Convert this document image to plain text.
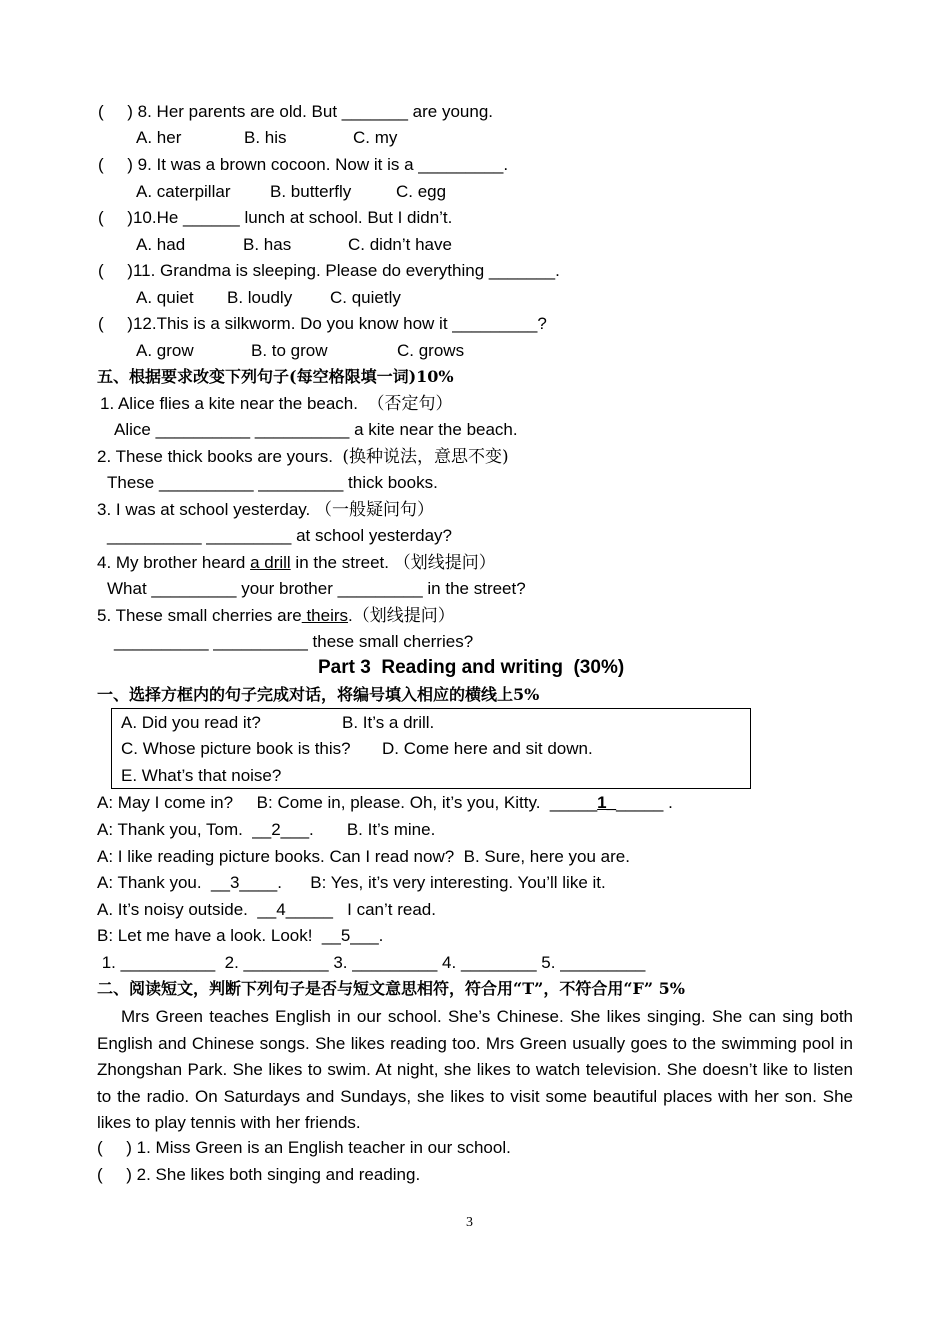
(     ) 8. Her parents are old. But _______ are young.
A. her	B. his	C. my
(     ) 9. It was a brown cocoon. Now it is a _________.
A. caterpillar B. butterfly	C. egg
(     )10.He ______ lunch at school. But I didn’t.
A. had	B. has	C. didn’t have
(     )11. Grandma is sleeping. Please do everything _______.
A. quiet B. loudly C. quietly
(     )12.This is a silkworm. Do you know how it _________?
A. grow	B. to grow	C. grows
五、根据要求改变下列句子(每空格限填一词)10%
1. Alice flies a kite near the beach. （否定句）
Alice __________ __________ a kite near the beach.
2. These thick books are yours. (换种说法，意思不变)
These __________ _________ thick books.
3. I was at school yesterday. （一般疑问句）
__________ _________ at school yesterday?
4. My brother heard a drill in the street. （划线提问）
What _________ your brother _________ in the street?
5. These small cherries are theirs.（划线提问）
__________ __________ these small cherries?
Part 3  Reading and writing  (30%)
一、选择方框内的句子完成对话，将编号填入相应的横线上5%
A. Did you read it?	B. It’s a drill.
C. Whose picture book is this? D. Come here and sit down.
E. What’s that noise?
A: May I come in?     B: Come in, please. Oh, it’s you, Kitty.  _____1______ .
A: Thank you, Tom.  __2___.       B. It’s mine.
A: I like reading picture books. Can I read now?  B. Sure, here you are.
A: Thank you.  __3____.      B: Yes, it’s very interesting. You’ll like it.
A. It’s noisy outside.  __4_____   I can’t read.
B: Let me have a look. Look!  __5___.
1. __________  2. _________ 3. _________ 4. ________ 5. _________
二、阅读短文，判断下列句子是否与短文意思相符，符合用“T”，不符合用“F” 5%
Mrs Green teaches English in our school. She’s Chinese. She likes singing. She can sing both English and Chinese songs. She likes reading too. Mrs Green usually goes to the swimming pool in Zhongshan Park. She likes to swim. At night, she likes to watch television. She doesn’t like to listen to the radio. On Saturdays and Sundays, she likes to visit some beautiful places with her son. She likes to play tennis with her friends.
(     ) 1. Miss Green is an English teacher in our school.
(     ) 2. She likes both singing and reading.
3
